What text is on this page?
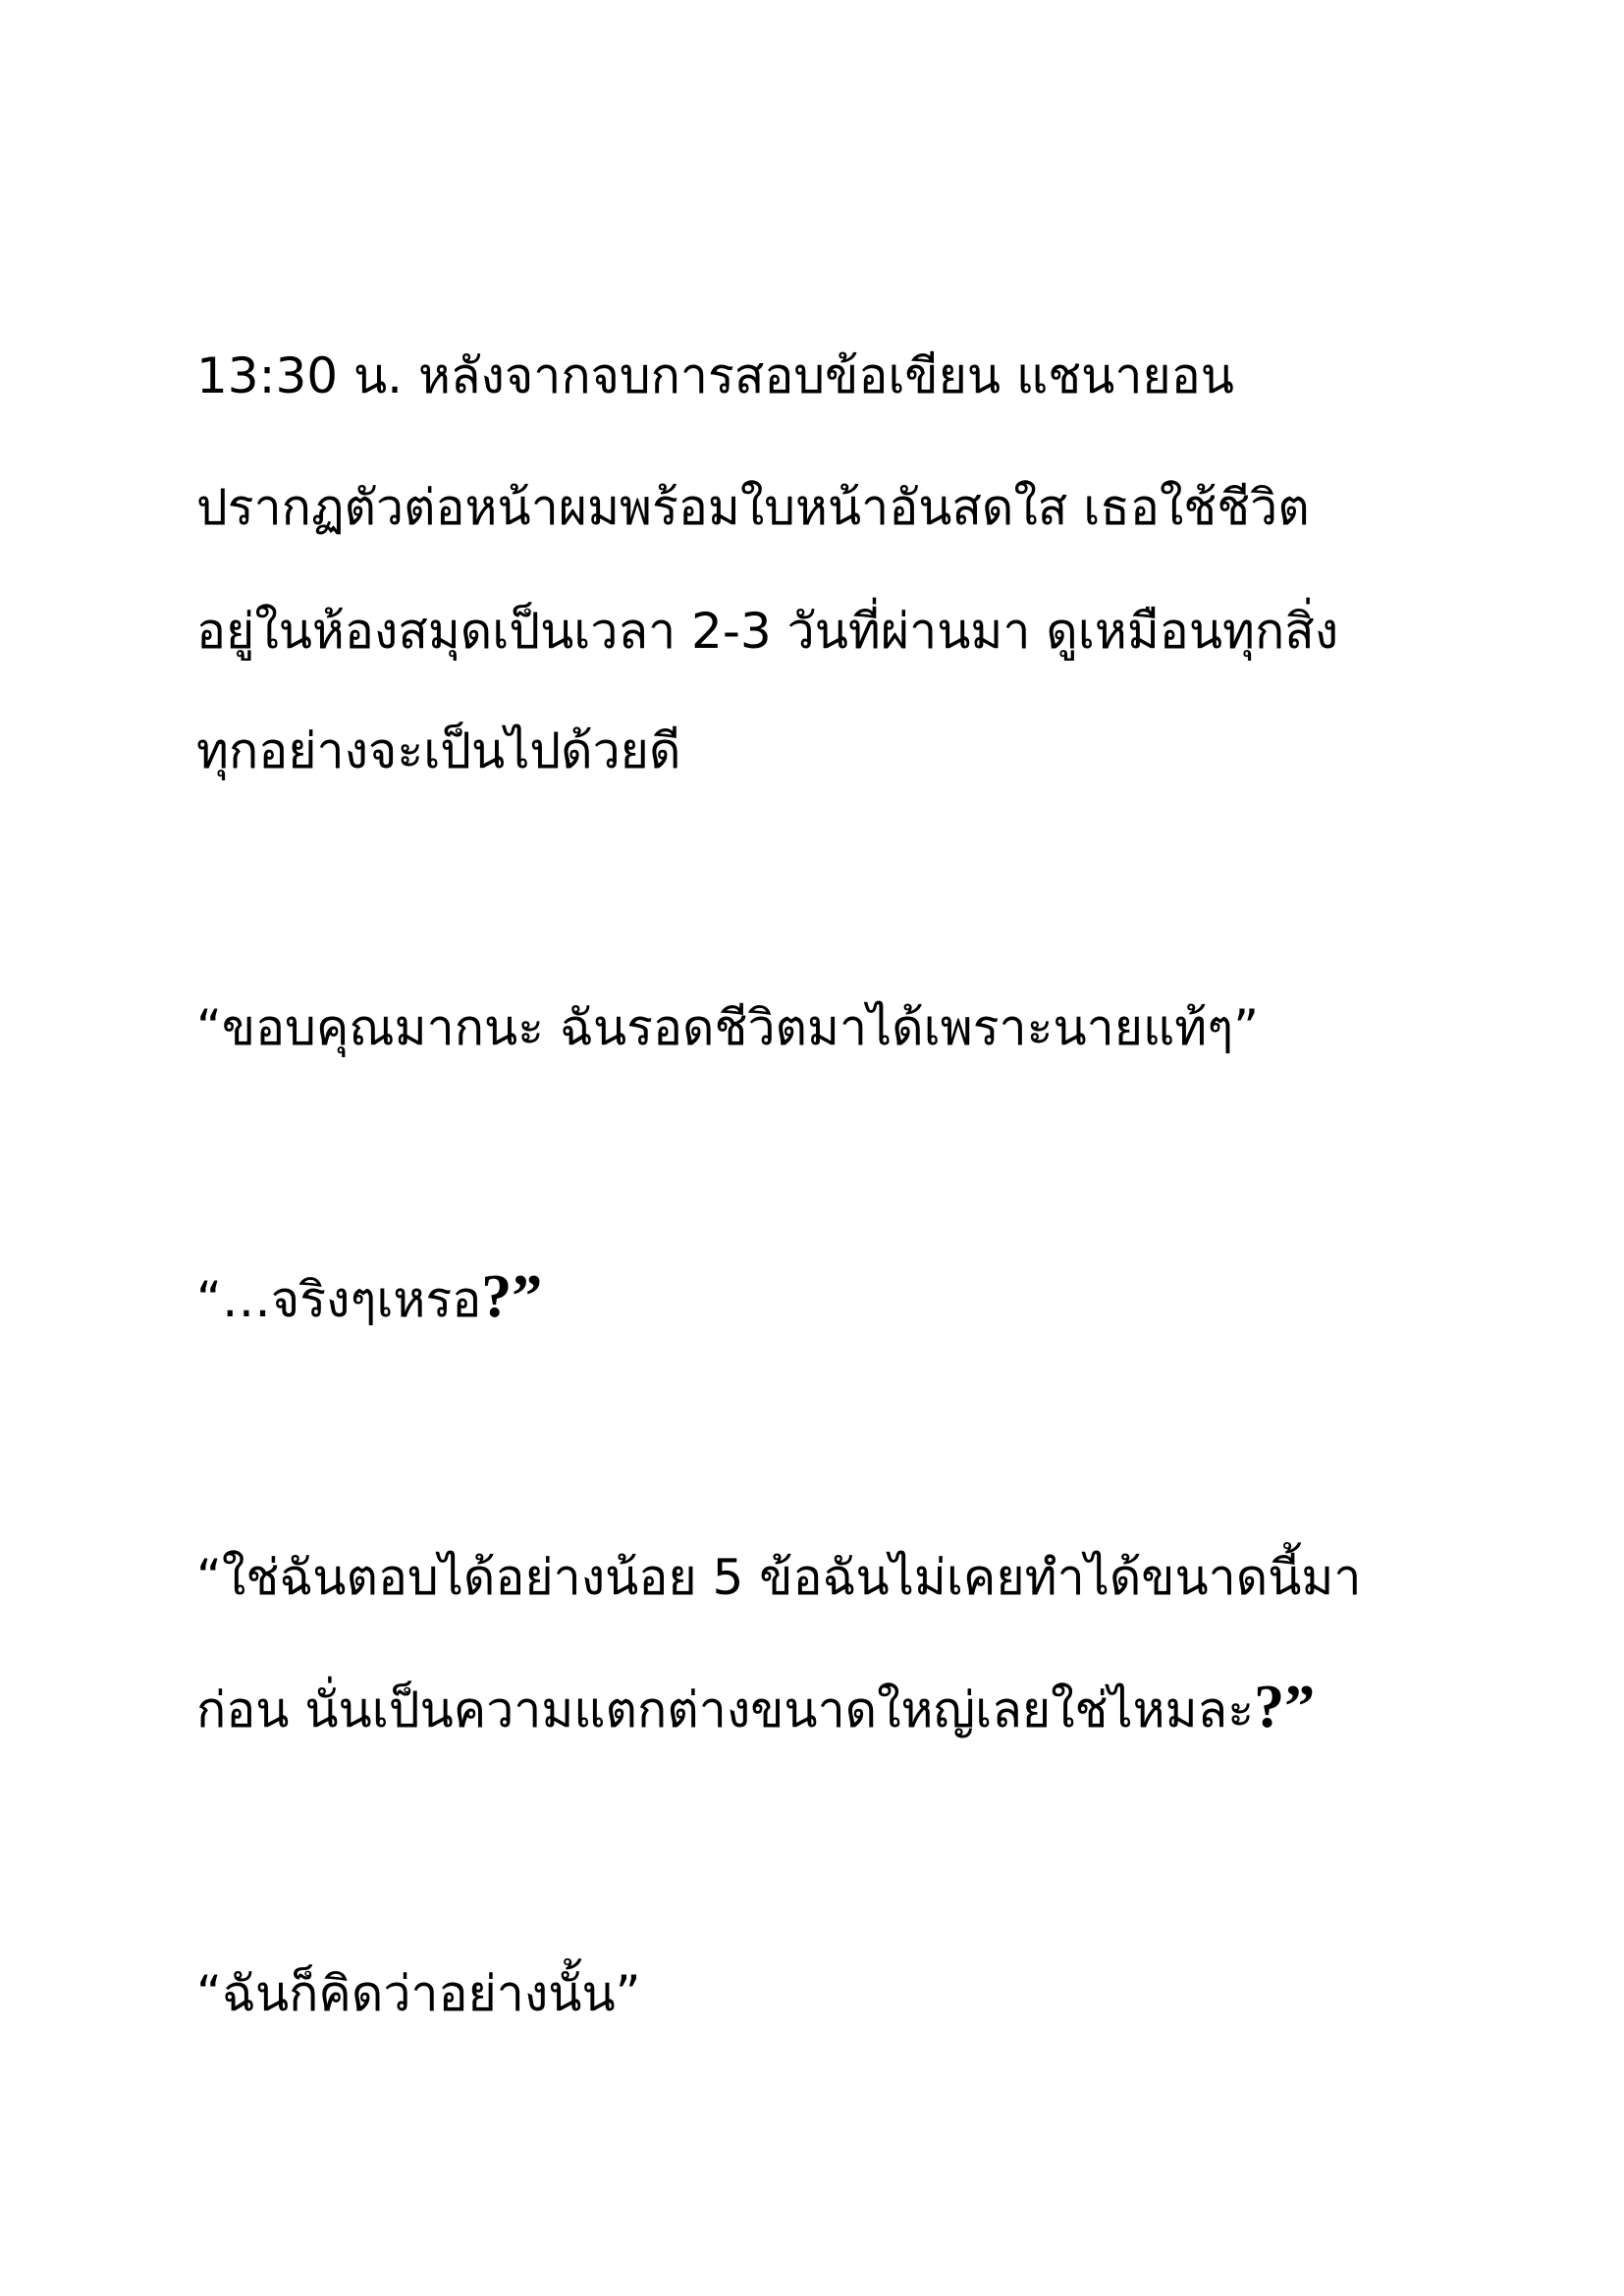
13:30 น. หลังจากจบการสอบข้อเขียน แชนายอน
ปรากฏตัวต่อหน้าผมพร้อมใบหน้าอันสดใส เธอใช้ชีวิต
อยู่ในห้องสมุดเป็นเวลา 2-3 วันที่ผ่านมา ดูเหมือนทุกสิ่ง
ทุกอย่างจะเป็นไปด้วยดี
“ขอบคุณมากนะ ฉันรอดชีวิตมาได้เพราะนายแท้ๆ”
“…จริงๆเหรอ?”
“ใช่ฉันตอบได้อย่างน้อย 5 ข้อฉันไม่เคยทำได้ขนาดนี้มา
ก่อน นั่นเป็นความแตกต่างขนาดใหญ่เลยใช่ไหมละ?”
“ฉันก็คิดว่าอย่างนั้น”
